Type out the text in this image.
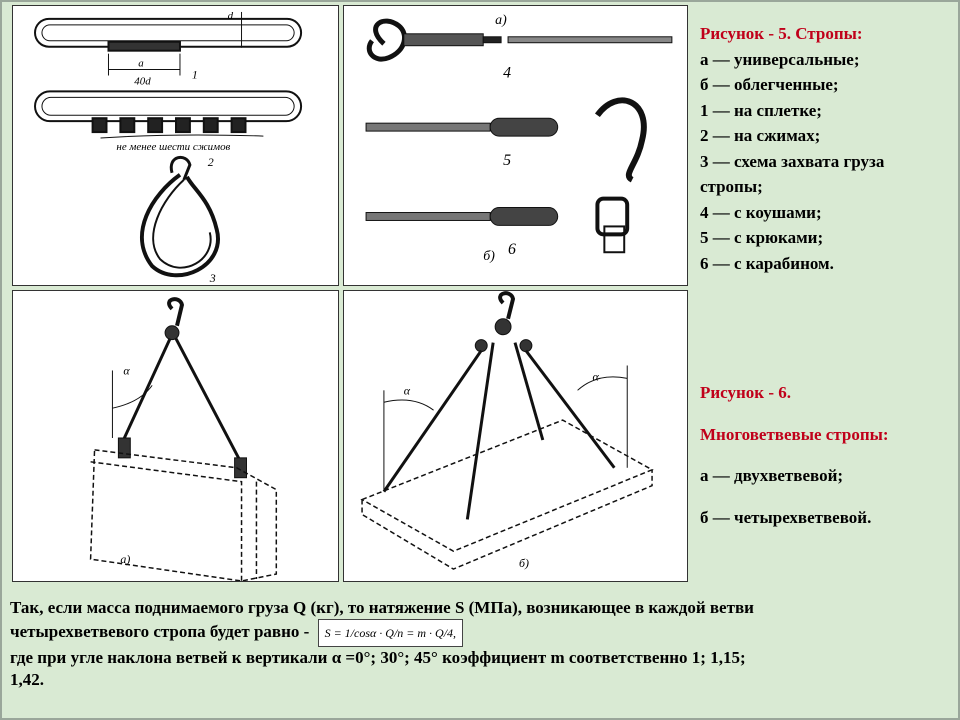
d
a
40d	1
не менее шести сжимов
2
3
а)
4
5
б) 6
Рисунок - 5. Стропы:
а — универсальные;
б — облегченные;
1 — на сплетке;
2 — на сжимах;
3 — схема захвата груза
стропы;
4 — с коушами;
5 — с крюками;
6 — с карабином.
α
а)
α
α
б)
Рисунок - 6.
Многоветвевые стропы:
а — двухветвевой;
б — четырехветвевой.
Так, если масса поднимаемого груза Q (кг), то натяжение S (МПа), возникающее в каждой ветви
четырехветвевого стропа будет равно - S = 1/cosα · Q/n = m · Q/4,
где при угле наклона ветвей к вертикали α =0°; 30°; 45° коэффициент m соответственно 1; 1,15;
1,42.
